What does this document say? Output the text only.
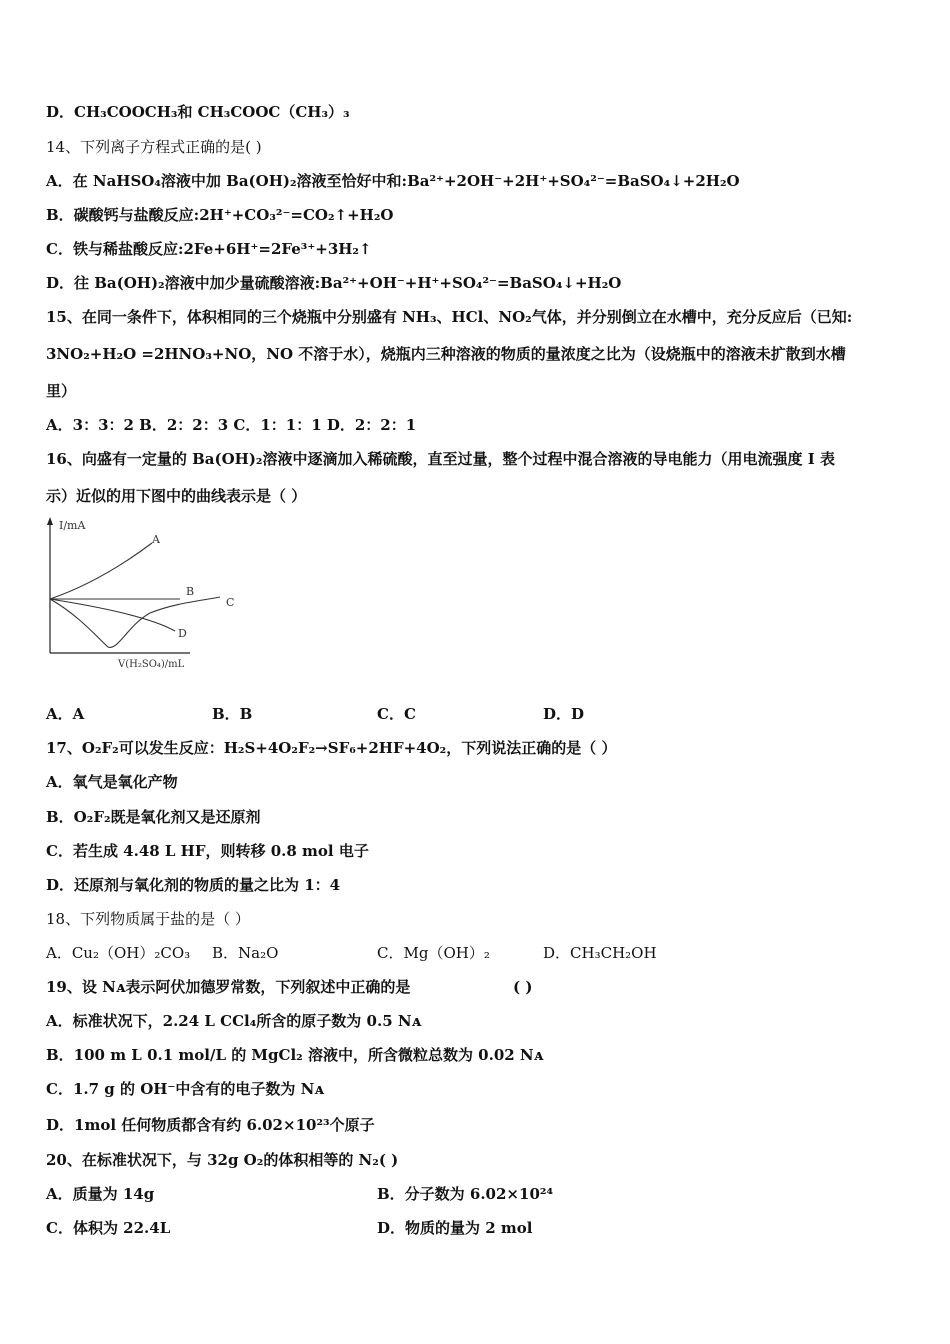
D．CH₃COOCH₃和 CH₃COOC（CH₃）₃
14、下列离子方程式正确的是( )
A．在 NaHSO₄溶液中加 Ba(OH)₂溶液至恰好中和:Ba²⁺+2OH⁻+2H⁺+SO₄²⁻=BaSO₄↓+2H₂O
B．碳酸钙与盐酸反应:2H⁺+CO₃²⁻=CO₂↑+H₂O
C．铁与稀盐酸反应:2Fe+6H⁺=2Fe³⁺+3H₂↑
D．往 Ba(OH)₂溶液中加少量硫酸溶液:Ba²⁺+OH⁻+H⁺+SO₄²⁻=BaSO₄↓+H₂O
15、在同一条件下，体积相同的三个烧瓶中分别盛有 NH₃、HCl、NO₂气体，并分别倒立在水槽中，充分反应后（已知:
3NO₂+H₂O =2HNO₃+NO，NO 不溶于水），烧瓶内三种溶液的物质的量浓度之比为（设烧瓶中的溶液未扩散到水槽
里）
A．3：3：2 B．2：2：3 C．1：1：1 D．2：2：1
16、向盛有一定量的 Ba(OH)₂溶液中逐滴加入稀硫酸，直至过量，整个过程中混合溶液的导电能力（用电流强度 I 表
示）近似的用下图中的曲线表示是（ ）
I/mA
V(H₂SO₄)/mL
A
B
C
D
A．A	B．B	C．C	D．D
17、O₂F₂可以发生反应：H₂S+4O₂F₂→SF₆+2HF+4O₂，下列说法正确的是（ ）
A．氧气是氧化产物
B．O₂F₂既是氧化剂又是还原剂
C．若生成 4.48 L HF，则转移 0.8 mol 电子
D．还原剂与氧化剂的物质的量之比为 1：4
18、下列物质属于盐的是（ ）
A．Cu₂（OH）₂CO₃ B．Na₂O	C．Mg（OH）₂	D．CH₃CH₂OH
19、设 Nᴀ表示阿伏加德罗常数，下列叙述中正确的是	( )
A．标准状况下，2.24 L CCl₄所含的原子数为 0.5 Nᴀ
B．100 m L 0.1 mol/L 的 MgCl₂ 溶液中，所含微粒总数为 0.02 Nᴀ
C．1.7 g 的 OH⁻中含有的电子数为 Nᴀ
D．1mol 任何物质都含有约 6.02×10²³个原子
20、在标准状况下，与 32g O₂的体积相等的 N₂( )
A．质量为 14g	B．分子数为 6.02×10²⁴
C．体积为 22.4L	D．物质的量为 2 mol
